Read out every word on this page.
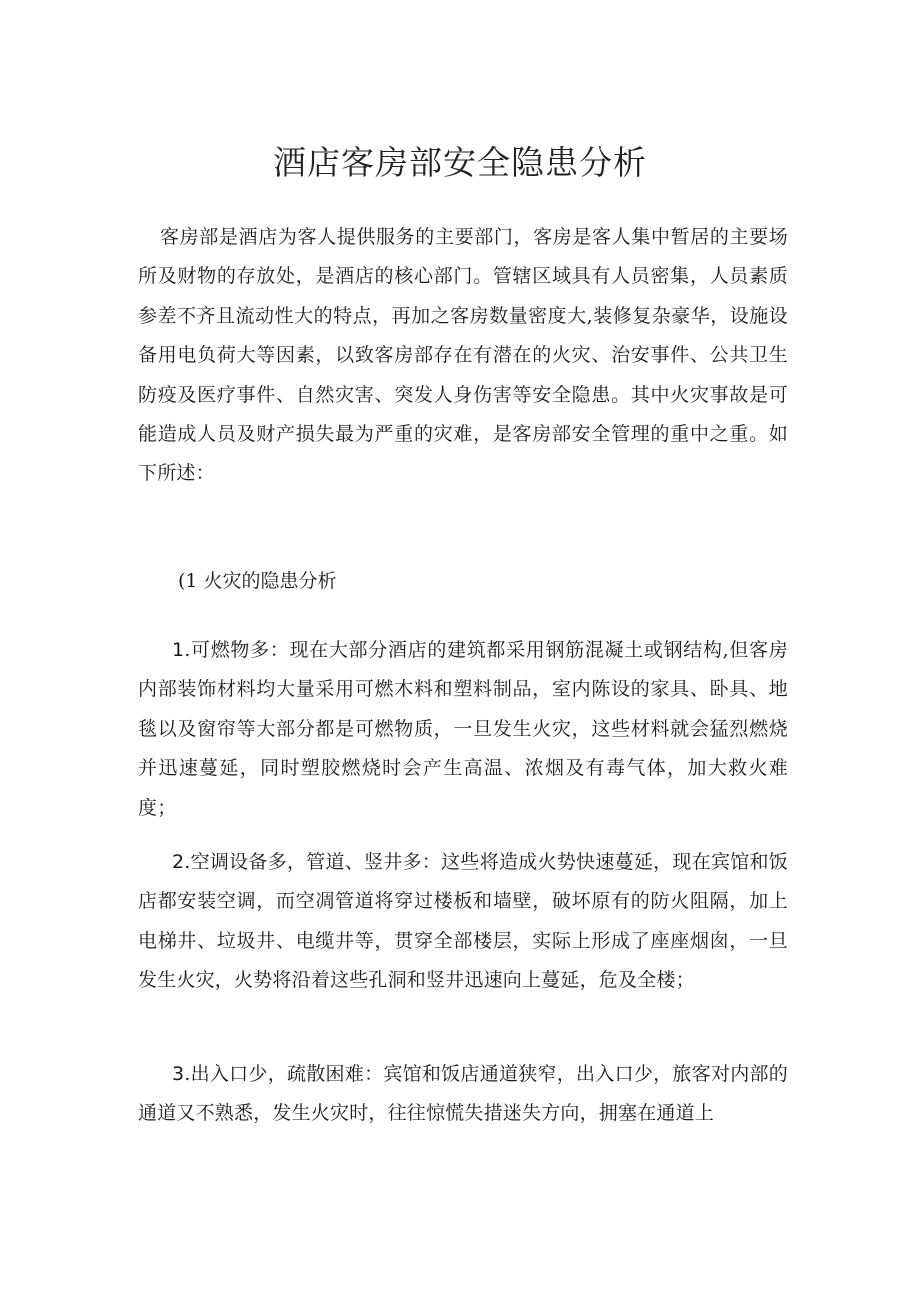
酒店客房部安全隐患分析

客房部是酒店为客人提供服务的主要部门，客房是客人集中暂居的主要场所及财物的存放处，是酒店的核心部门。管辖区域具有人员密集，人员素质参差不齐且流动性大的特点，再加之客房数量密度大,装修复杂豪华，设施设备用电负荷大等因素，以致客房部存在有潜在的火灾、治安事件、公共卫生防疫及医疗事件、自然灾害、突发人身伤害等安全隐患。其中火灾事故是可能造成人员及财产损失最为严重的灾难，是客房部安全管理的重中之重。如下所述：

(1 火灾的隐患分析

1.可燃物多：现在大部分酒店的建筑都采用钢筋混凝土或钢结构,但客房内部装饰材料均大量采用可燃木料和塑料制品，室内陈设的家具、卧具、地毯以及窗帘等大部分都是可燃物质，一旦发生火灾，这些材料就会猛烈燃烧并迅速蔓延，同时塑胶燃烧时会产生高温、浓烟及有毒气体，加大救火难度；

2.空调设备多，管道、竖井多：这些将造成火势快速蔓延，现在宾馆和饭店都安装空调，而空凋管道将穿过楼板和墙壁，破坏原有的防火阻隔，加上电梯井、垃圾井、电缆井等，贯穿全部楼层，实际上形成了座座烟囱，一旦发生火灾，火势将沿着这些孔洞和竖井迅速向上蔓延，危及全楼；

3.出入口少，疏散困难：宾馆和饭店通道狭窄，出入口少，旅客对内部的通道又不熟悉，发生火灾时，往往惊慌失措迷失方向，拥塞在通道上
